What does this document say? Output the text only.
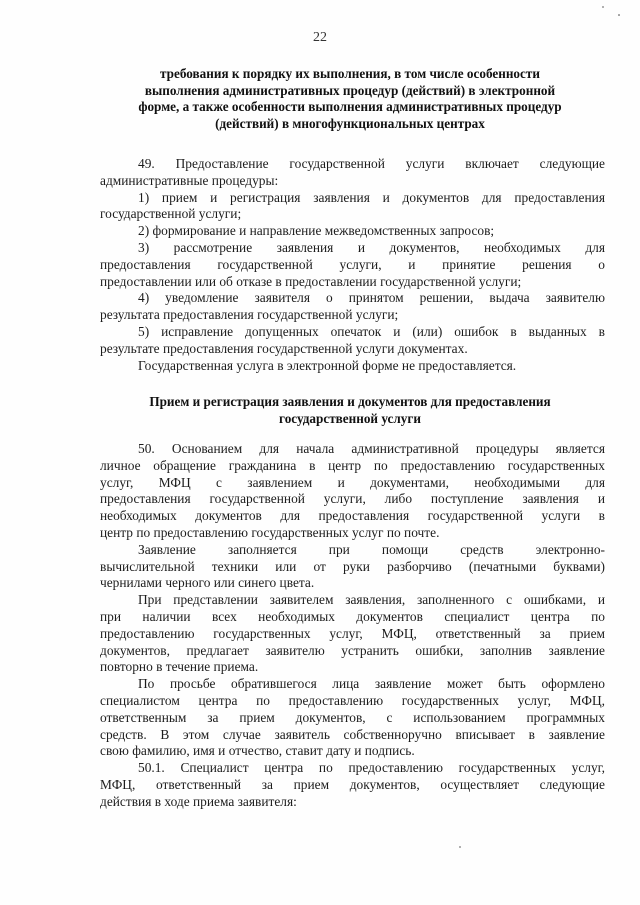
22
требования к порядку их выполнения, в том числе особенности
выполнения административных процедур (действий) в электронной
форме, а также особенности выполнения административных процедур
(действий) в многофункциональных центрах
49. Предоставление государственной услуги включает следующие
административные процедуры:
1) прием и регистрация заявления и документов для предоставления
государственной услуги;
2) формирование и направление межведомственных запросов;
3) рассмотрение заявления и документов, необходимых для
предоставления государственной услуги, и принятие решения о
предоставлении или об отказе в предоставлении государственной услуги;
4) уведомление заявителя о принятом решении, выдача заявителю
результата предоставления государственной услуги;
5) исправление допущенных опечаток и (или) ошибок в выданных в
результате предоставления государственной услуги документах.
Государственная услуга в электронной форме не предоставляется.
Прием и регистрация заявления и документов для предоставления
государственной услуги
50. Основанием для начала административной процедуры является
личное обращение гражданина в центр по предоставлению государственных
услуг, МФЦ с заявлением и документами, необходимыми для
предоставления государственной услуги, либо поступление заявления и
необходимых документов для предоставления государственной услуги в
центр по предоставлению государственных услуг по почте.
Заявление заполняется при помощи средств электронно-
вычислительной техники или от руки разборчиво (печатными буквами)
чернилами черного или синего цвета.
При представлении заявителем заявления, заполненного с ошибками, и
при наличии всех необходимых документов специалист центра по
предоставлению государственных услуг, МФЦ, ответственный за прием
документов, предлагает заявителю устранить ошибки, заполнив заявление
повторно в течение приема.
По просьбе обратившегося лица заявление может быть оформлено
специалистом центра по предоставлению государственных услуг, МФЦ,
ответственным за прием документов, с использованием программных
средств. В этом случае заявитель собственноручно вписывает в заявление
свою фамилию, имя и отчество, ставит дату и подпись.
50.1. Специалист центра по предоставлению государственных услуг,
МФЦ, ответственный за прием документов, осуществляет следующие
действия в ходе приема заявителя:
